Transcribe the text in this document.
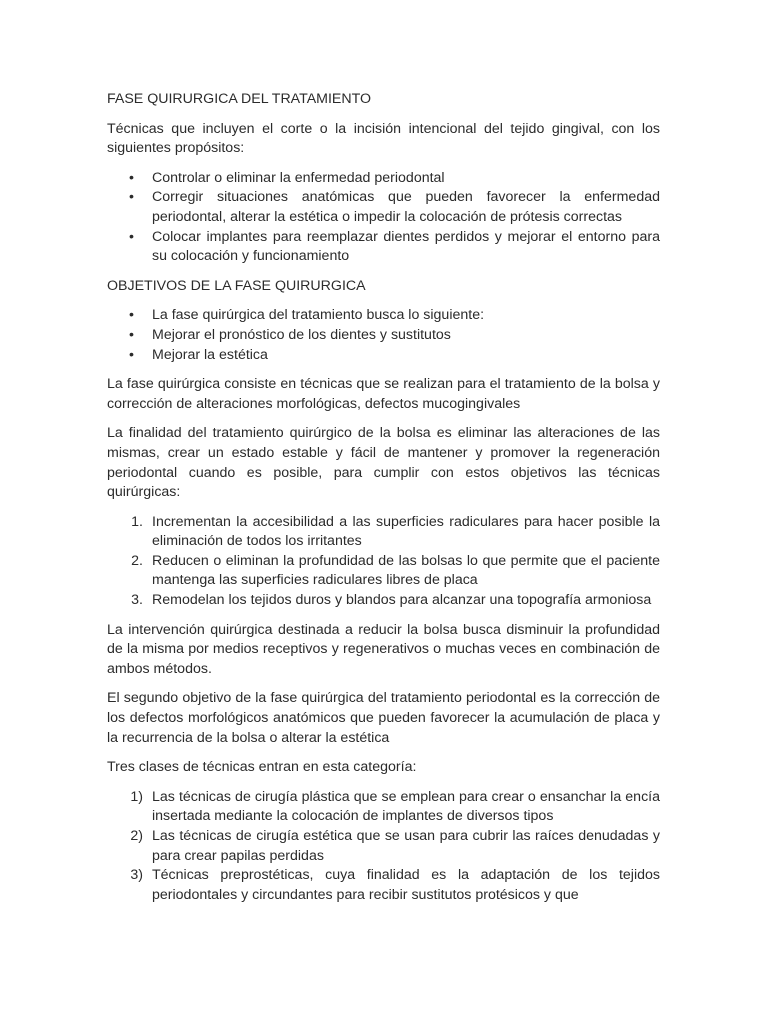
FASE QUIRURGICA DEL TRATAMIENTO

Técnicas que incluyen el corte o la incisión intencional del tejido gingival, con los siguientes propósitos:

•	Controlar o eliminar la enfermedad periodontal
•	Corregir situaciones anatómicas que pueden favorecer la enfermedad periodontal, alterar la estética o impedir la colocación de prótesis correctas
•	Colocar implantes para reemplazar dientes perdidos y mejorar el entorno para su colocación y funcionamiento

OBJETIVOS DE LA FASE QUIRURGICA

•	La fase quirúrgica del tratamiento busca lo siguiente:
•	Mejorar el pronóstico de los dientes y sustitutos
•	Mejorar la estética

La fase quirúrgica consiste en técnicas que se realizan para el tratamiento de la bolsa y corrección de alteraciones morfológicas, defectos mucogingivales

La finalidad del tratamiento quirúrgico de la bolsa es eliminar las alteraciones de las mismas, crear un estado estable y fácil de mantener y promover la regeneración periodontal cuando es posible, para cumplir con estos objetivos las técnicas quirúrgicas:

1. Incrementan la accesibilidad a las superficies radiculares para hacer posible la eliminación de todos los irritantes
2. Reducen o eliminan la profundidad de las bolsas lo que permite que el paciente mantenga las superficies radiculares libres de placa
3. Remodelan los tejidos duros y blandos para alcanzar una topografía armoniosa

La intervención quirúrgica destinada a reducir la bolsa busca disminuir la profundidad de la misma por medios receptivos y regenerativos o muchas veces en combinación de ambos métodos.

El segundo objetivo de la fase quirúrgica del tratamiento periodontal es la corrección de los defectos morfológicos anatómicos que pueden favorecer la acumulación de placa y la recurrencia de la bolsa o alterar la estética

Tres clases de técnicas entran en esta categoría:

1) Las técnicas de cirugía plástica que se emplean para crear o ensanchar la encía insertada mediante la colocación de implantes de diversos tipos
2) Las técnicas de cirugía estética que se usan para cubrir las raíces denudadas y para crear papilas perdidas
3) Técnicas preprostéticas, cuya finalidad es la adaptación de los tejidos periodontales y circundantes para recibir sustitutos protésicos y que
